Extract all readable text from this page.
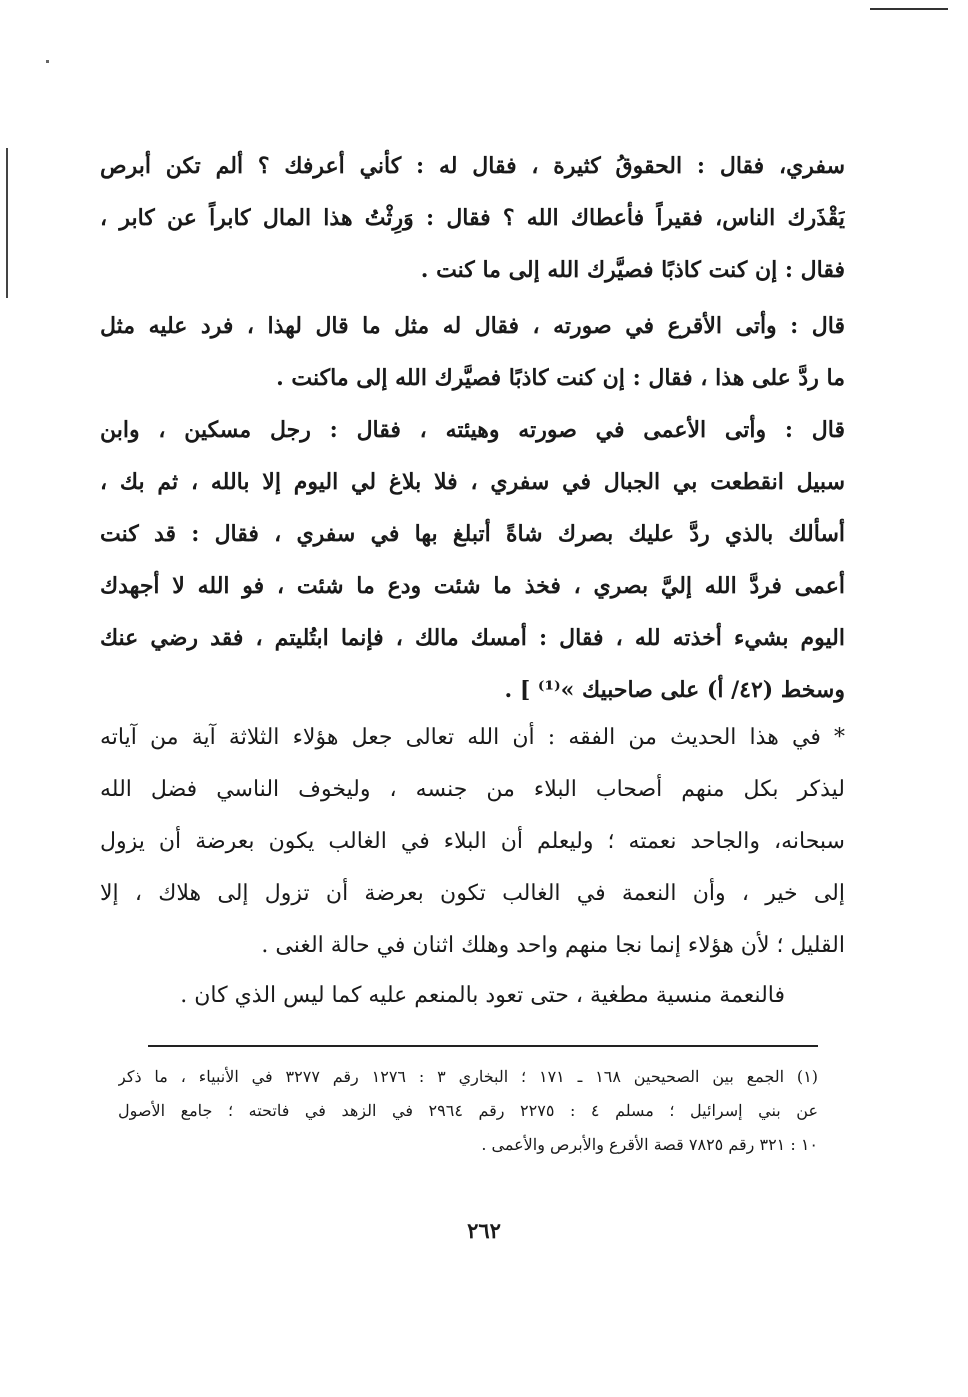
سفري، فقال : الحقوقُ كثيرة ، فقال له : كأني أعرفك ؟ ألم تكن أبرص
يَقْذَرك الناس، فقيراً فأعطاك الله ؟ فقال : وَرِثْتُ هذا المال كابراً عن كابر ،
فقال : إن كنت كاذبًا فصيَّرك الله إلى ما كنت .
قال : وأتى الأقرع في صورته ، فقال له مثل ما قال لهذا ، فرد عليه مثل
ما ردَّ على هذا ، فقال : إن كنت كاذبًا فصيَّرك الله إلى ماكنت .
قال : وأتى الأعمى في صورته وهيئته ، فقال : رجل مسكين ، وابن
سبيل انقطعت بي الجبال في سفري ، فلا بلاغ لي اليوم إلا بالله ، ثم بك ،
أسألك بالذي ردَّ عليك بصرك شاةً أتبلغ بها في سفري ، فقال : قد كنت
أعمى فردَّ الله إليَّ بصري ، فخذ ما شئت ودع ما شئت ، فو الله لا أجهدك
اليوم بشيء أخذته لله ، فقال : أمسك مالك ، فإنما ابتُليتم ، فقد رضي عنك
وسخط (٤٢/ أ) على صاحبيك »⁽¹⁾ ] .
* في هذا الحديث من الفقه : أن الله تعالى جعل هؤلاء الثلاثة آية من آياته
ليذكر بكل منهم أصحاب البلاء من جنسه ، وليخوف الناسي فضل الله
سبحانه، والجاحد نعمته ؛ وليعلم أن البلاء في الغالب يكون بعرضة أن يزول
إلى خير ، وأن النعمة في الغالب تكون بعرضة أن تزول إلى هلاك ، إلا
القليل ؛ لأن هؤلاء إنما نجا منهم واحد وهلك اثنان في حالة الغنى .
فالنعمة منسية مطغية ، حتى تعود بالمنعم عليه كما ليس الذي كان .
(١) الجمع بين الصحيحين ١٦٨ ـ ١٧١ ؛ البخاري ٣ : ١٢٧٦ رقم ٣٢٧٧ في الأنبياء ، ما ذكر
عن بني إسرائيل ؛ مسلم ٤ : ٢٢٧٥ رقم ٢٩٦٤ في الزهد في فاتحته ؛ جامع الأصول
١٠ : ٣٢١ رقم ٧٨٢٥ قصة الأقرع والأبرص والأعمى .
٢٦٢
